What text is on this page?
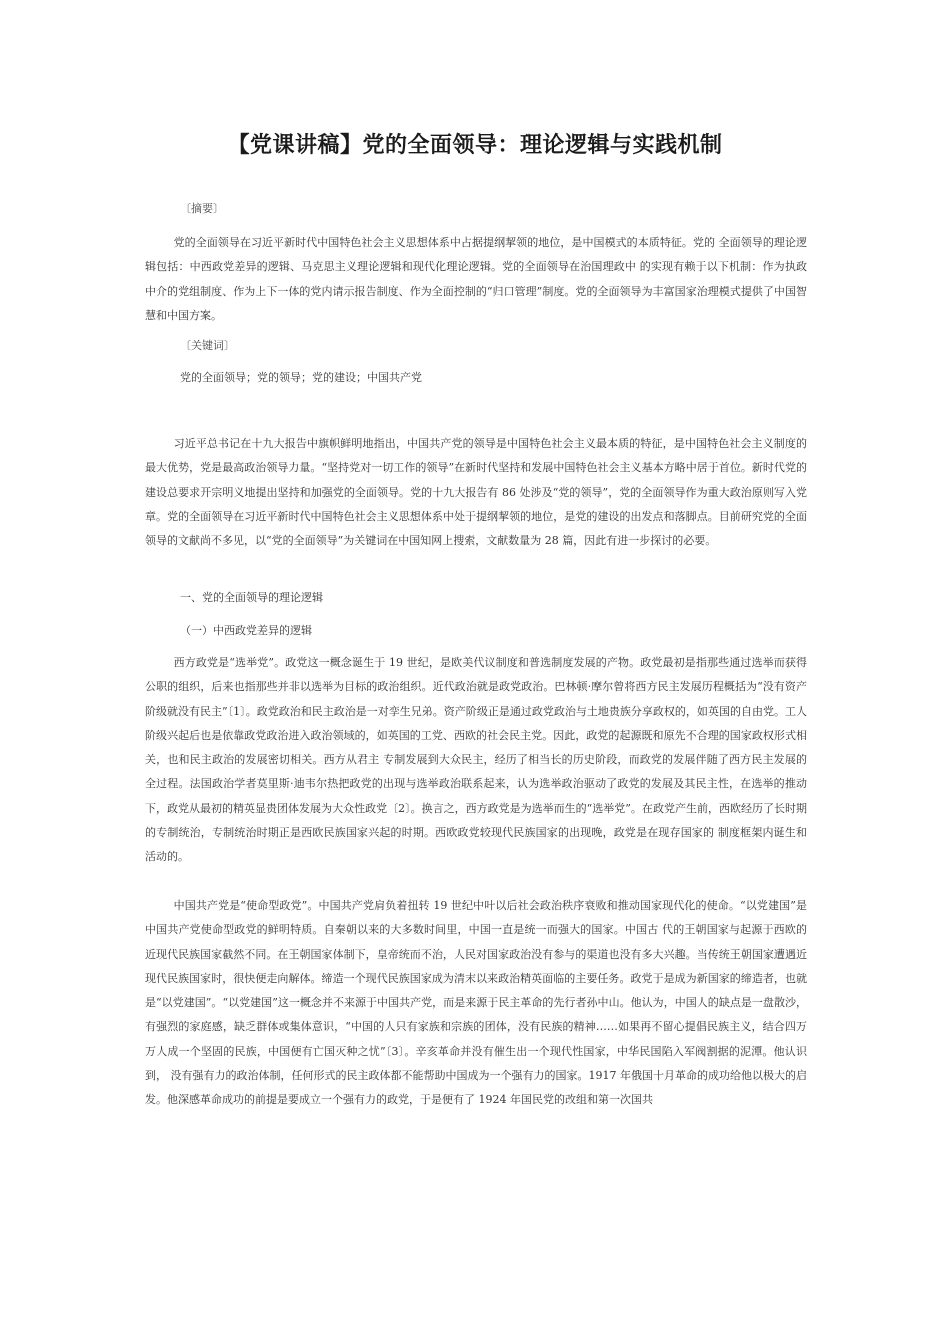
【党课讲稿】党的全面领导：理论逻辑与实践机制
〔摘要〕

党的全面领导在习近平新时代中国特色社会主义思想体系中占据提纲挈领的地位，是中国模式的本质特征。党的 全面领导的理论逻辑包括：中西政党差异的逻辑、马克思主义理论逻辑和现代化理论逻辑。党的全面领导在治国理政中 的实现有赖于以下机制：作为执政中介的党组制度、作为上下一体的党内请示报告制度、作为全面控制的“归口管理”制度。党的全面领导为丰富国家治理模式提供了中国智慧和中国方案。

〔关键词〕
党的全面领导；党的领导；党的建设；中国共产党

习近平总书记在十九大报告中旗帜鲜明地指出，中国共产党的领导是中国特色社会主义最本质的特征，是中国特色社会主义制度的最大优势，党是最高政治领导力量。“坚持党对一切工作的领导”在新时代坚持和发展中国特色社会主义基本方略中居于首位。新时代党的建设总要求开宗明义地提出坚持和加强党的全面领导。党的十九大报告有 86 处涉及“党的领导”，党的全面领导作为重大政治原则写入党章。党的全面领导在习近平新时代中国特色社会主义思想体系中处于提纲挈领的地位，是党的建设的出发点和落脚点。目前研究党的全面领导的文献尚不多见，以“党的全面领导”为关键词在中国知网上搜索，文献数量为 28 篇，因此有进一步探讨的必要。

一、党的全面领导的理论逻辑
（一）中西政党差异的逻辑

西方政党是“选举党”。政党这一概念诞生于 19 世纪，是欧美代议制度和普选制度发展的产物。政党最初是指那些通过选举而获得公职的组织，后来也指那些并非以选举为目标的政治组织。近代政治就是政党政治。巴林顿·摩尔曾将西方民主发展历程概括为“没有资产阶级就没有民主”〔1〕。政党政治和民主政治是一对孪生兄弟。资产阶级正是通过政党政治与土地贵族分享政权的，如英国的自由党。工人阶级兴起后也是依靠政党政治进入政治领域的，如英国的工党、西欧的社会民主党。因此，政党的起源既和原先不合理的国家政权形式相关，也和民主政治的发展密切相关。西方从君主 专制发展到大众民主，经历了相当长的历史阶段，而政党的发展伴随了西方民主发展的全过程。法国政治学者莫里斯·迪韦尔热把政党的出现与选举政治联系起来，认为选举政治驱动了政党的发展及其民主性，在选举的推动下，政党从最初的精英显贵团体发展为大众性政党〔2〕。换言之，西方政党是为选举而生的“选举党”。在政党产生前，西欧经历了长时期的专制统治，专制统治时期正是西欧民族国家兴起的时期。西欧政党较现代民族国家的出现晚，政党是在现存国家的 制度框架内诞生和活动的。

中国共产党是“使命型政党”。中国共产党肩负着扭转 19 世纪中叶以后社会政治秩序衰败和推动国家现代化的使命。“以党建国”是中国共产党使命型政党的鲜明特质。自秦朝以来的大多数时间里，中国一直是统一而强大的国家。中国古 代的王朝国家与起源于西欧的近现代民族国家截然不同。在王朝国家体制下，皇帝统而不治，人民对国家政治没有参与的渠道也没有多大兴趣。当传统王朝国家遭遇近现代民族国家时，很快便走向解体。缔造一个现代民族国家成为清末以来政治精英面临的主要任务。政党于是成为新国家的缔造者，也就是“以党建国”。“以党建国”这一概念并不来源于中国共产党，而是来源于民主革命的先行者孙中山。他认为，中国人的缺点是一盘散沙，有强烈的家庭感，缺乏群体或集体意识，“中国的人只有家族和宗族的团体，没有民族的精神……如果再不留心提倡民族主义，结合四万万人成一个坚固的民族，中国便有亡国灭种之忧”〔3〕。辛亥革命并没有催生出一个现代性国家，中华民国陷入军阀割据的泥潭。他认识到， 没有强有力的政治体制，任何形式的民主政体都不能帮助中国成为一个强有力的国家。1917 年俄国十月革命的成功给他以极大的启发。他深感革命成功的前提是要成立一个强有力的政党，于是便有了 1924 年国民党的改组和第一次国共
